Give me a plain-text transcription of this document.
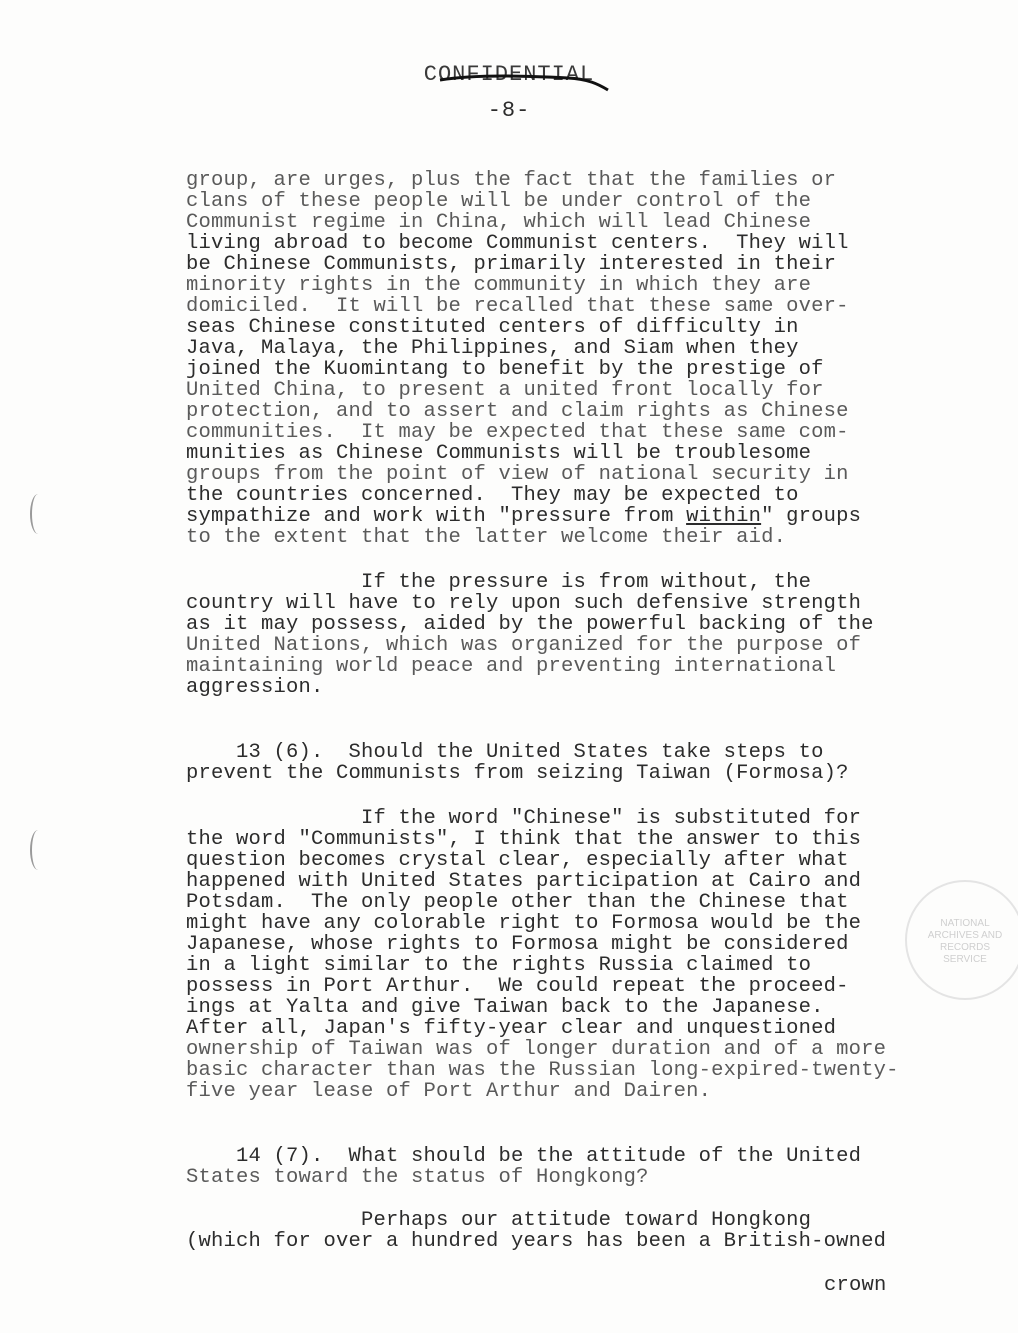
CONFIDENTIAL
-8-
group, are urges, plus the fact that the families or
clans of these people will be under control of the
Communist regime in China, which will lead Chinese
living abroad to become Communist centers.  They will
be Chinese Communists, primarily interested in their
minority rights in the community in which they are
domiciled.  It will be recalled that these same over-
seas Chinese constituted centers of difficulty in
Java, Malaya, the Philippines, and Siam when they
joined the Kuomintang to benefit by the prestige of
United China, to present a united front locally for
protection, and to assert and claim rights as Chinese
communities.  It may be expected that these same com-
munities as Chinese Communists will be troublesome
groups from the point of view of national security in
the countries concerned.  They may be expected to
sympathize and work with "pressure from within" groups
to the extent that the latter welcome their aid.
If the pressure is from without, the
country will have to rely upon such defensive strength
as it may possess, aided by the powerful backing of the
United Nations, which was organized for the purpose of
maintaining world peace and preventing international
aggression.
13 (6).  Should the United States take steps to
prevent the Communists from seizing Taiwan (Formosa)?
If the word "Chinese" is substituted for
the word "Communists", I think that the answer to this
question becomes crystal clear, especially after what
happened with United States participation at Cairo and
Potsdam.  The only people other than the Chinese that
might have any colorable right to Formosa would be the
Japanese, whose rights to Formosa might be considered
in a light similar to the rights Russia claimed to
possess in Port Arthur.  We could repeat the proceed-
ings at Yalta and give Taiwan back to the Japanese.
After all, Japan's fifty-year clear and unquestioned
ownership of Taiwan was of longer duration and of a more
basic character than was the Russian long-expired-twenty-
five year lease of Port Arthur and Dairen.
14 (7).  What should be the attitude of the United
States toward the status of Hongkong?
Perhaps our attitude toward Hongkong
(which for over a hundred years has been a British-owned
crown
NATIONAL ARCHIVES AND RECORDS SERVICE
